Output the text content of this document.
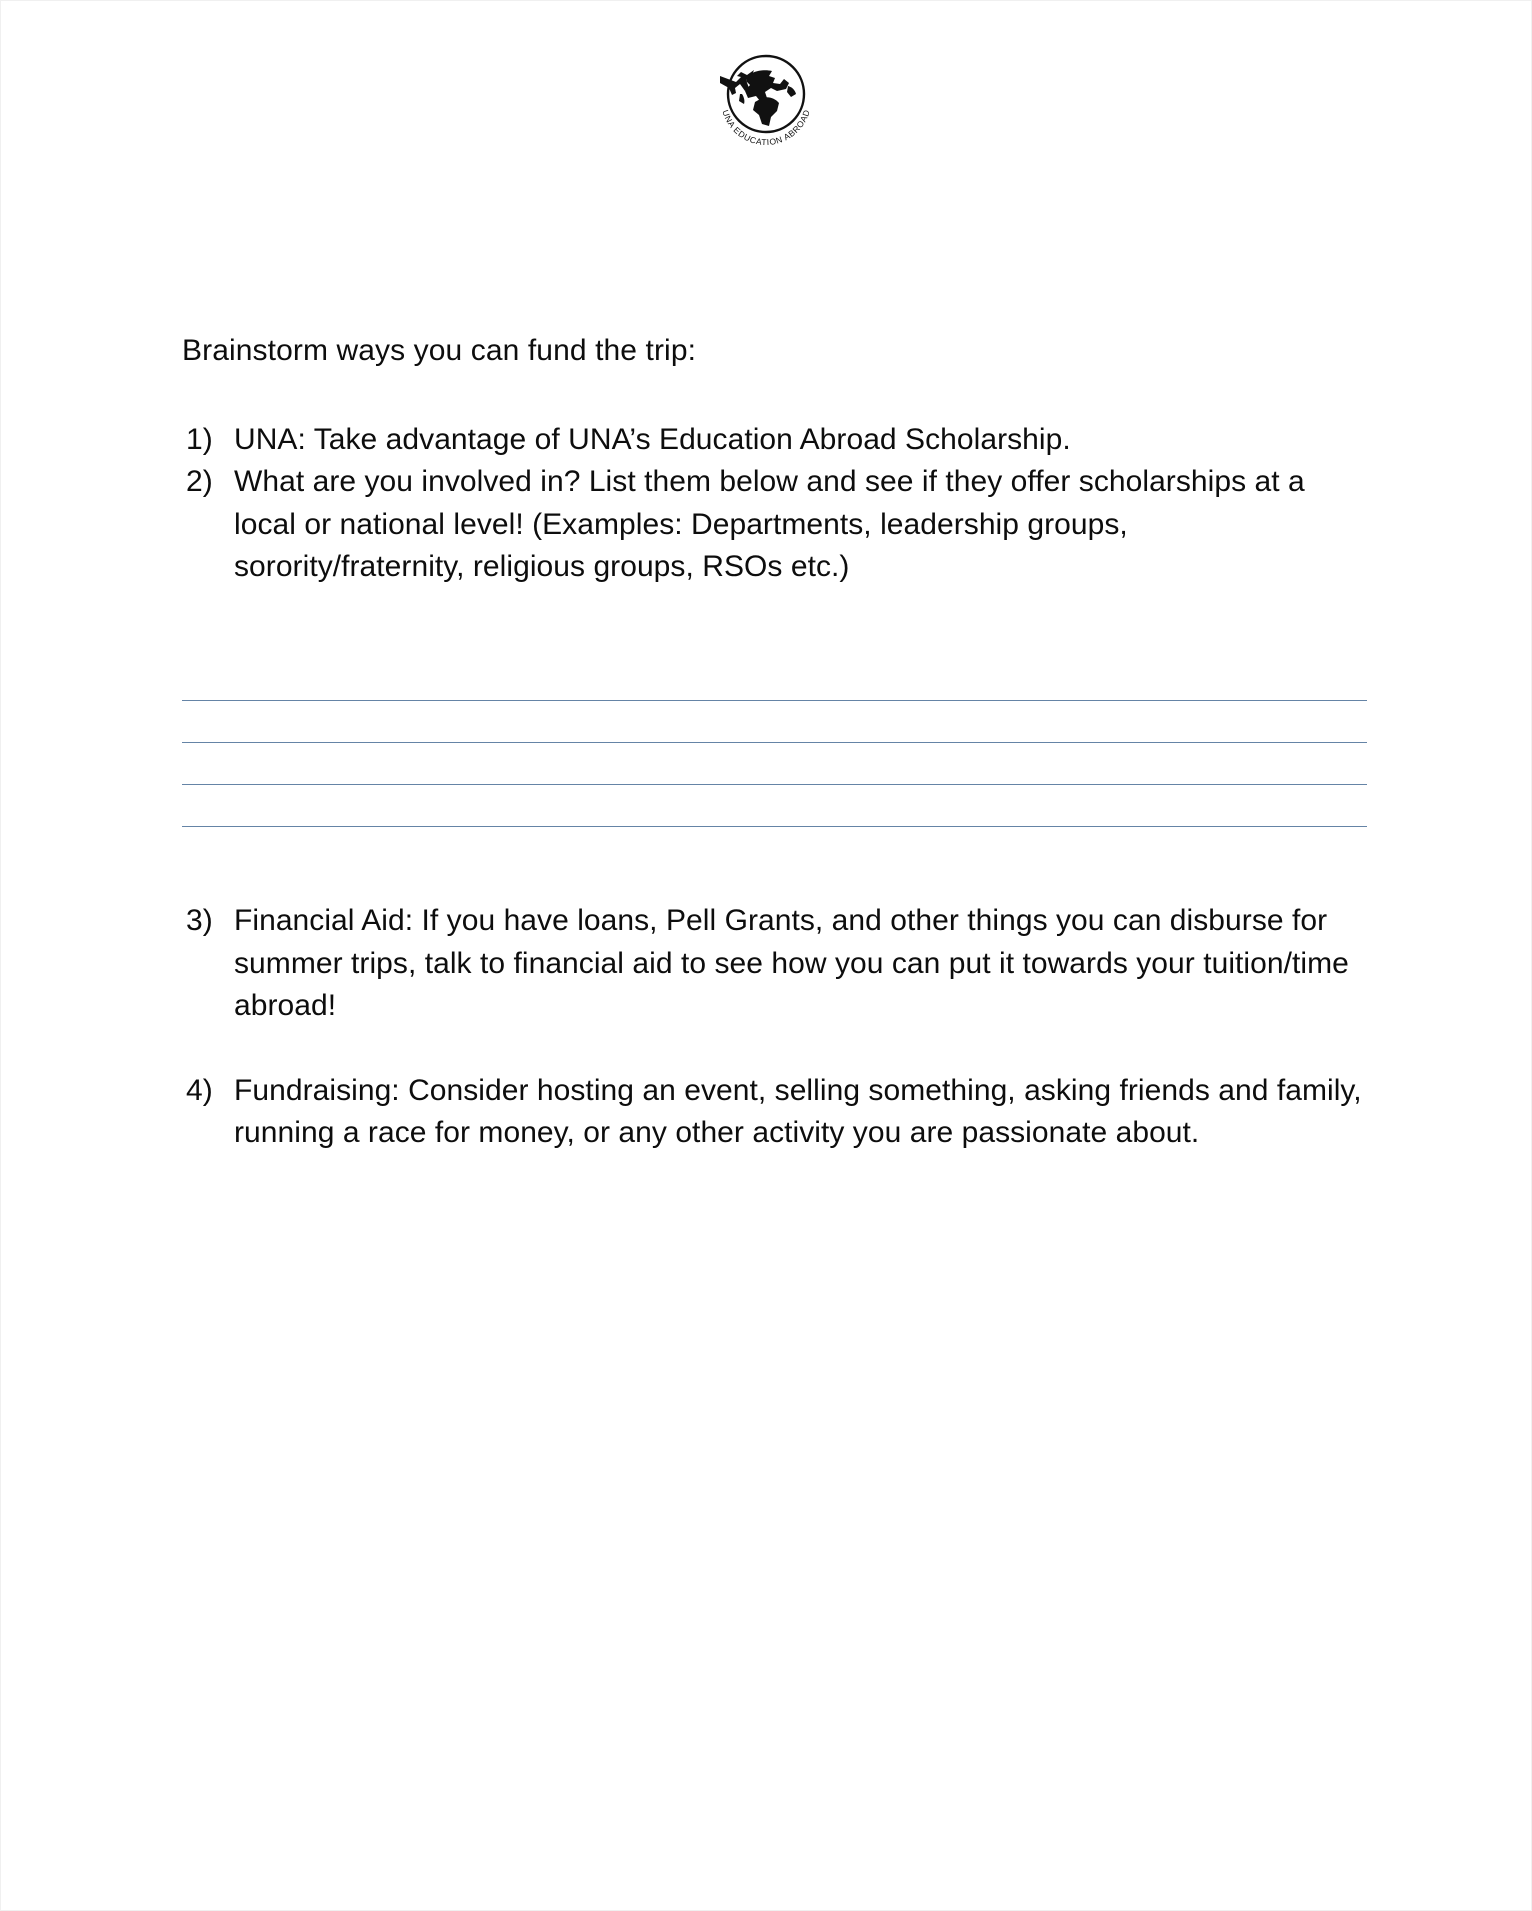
UNA EDUCATION ABROAD

Brainstorm ways you can fund the trip:

1) UNA: Take advantage of UNA’s Education Abroad Scholarship.
2) What are you involved in? List them below and see if they offer scholarships at a local or national level! (Examples: Departments, leadership groups, sorority/fraternity, religious groups, RSOs etc.)
3) Financial Aid: If you have loans, Pell Grants, and other things you can disburse for summer trips, talk to financial aid to see how you can put it towards your tuition/time abroad!
4) Fundraising: Consider hosting an event, selling something, asking friends and family, running a race for money, or any other activity you are passionate about.
